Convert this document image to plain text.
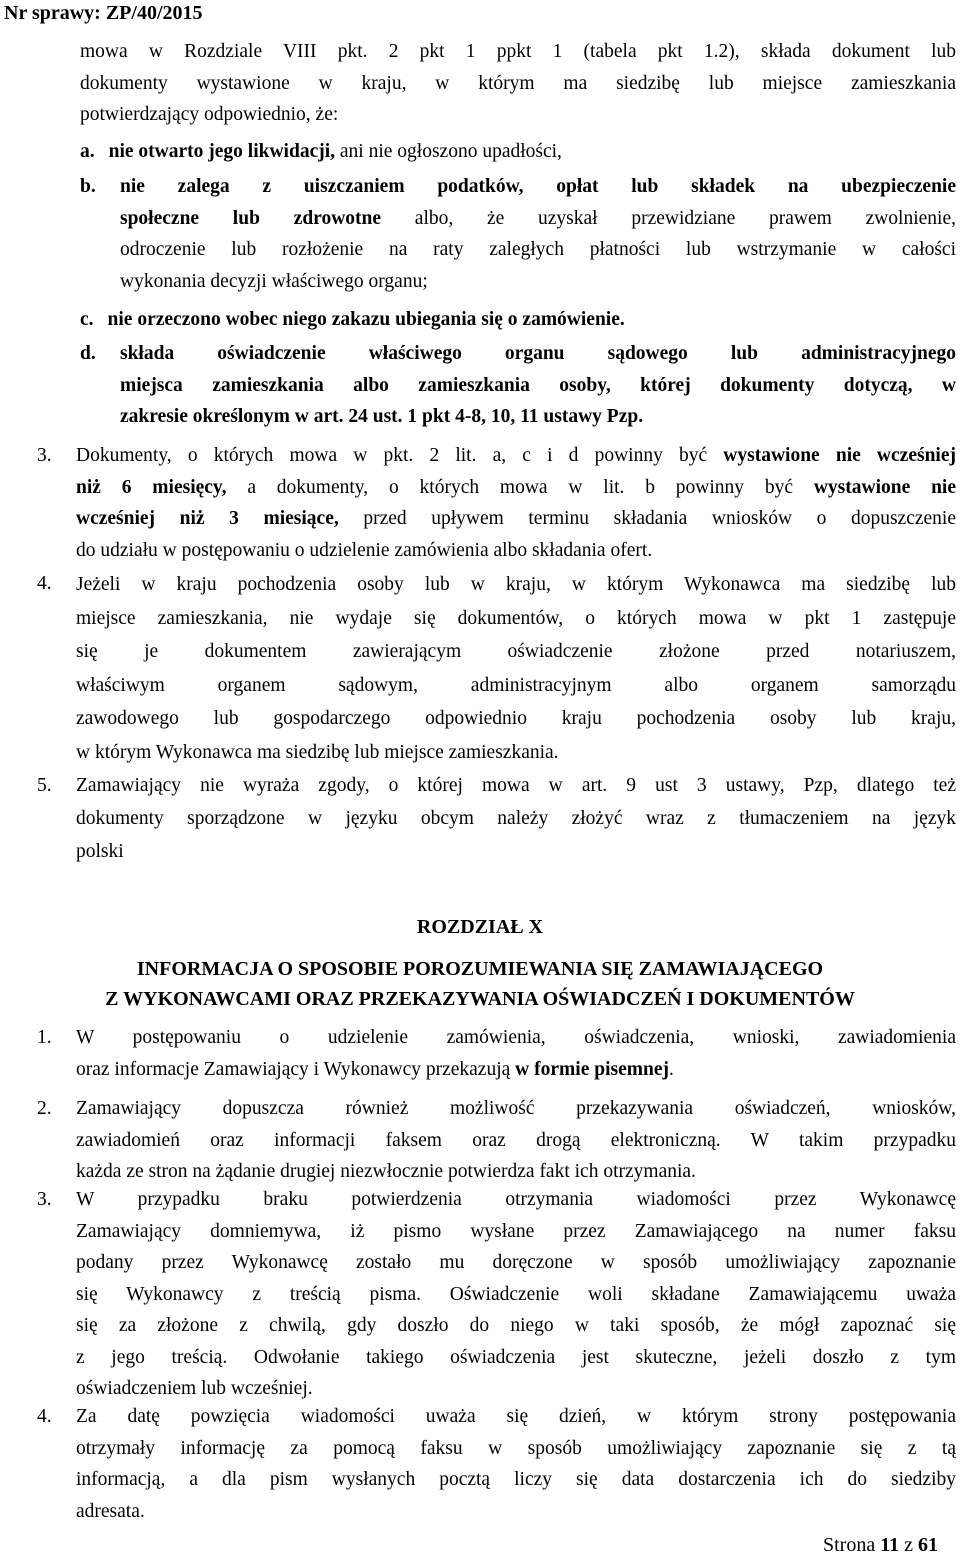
Nr sprawy: ZP/40/2015
mowa w Rozdziale VIII pkt. 2 pkt 1 ppkt 1 (tabela pkt 1.2), składa dokument lub
dokumenty wystawione w kraju, w którym ma siedzibę lub miejsce zamieszkania
potwierdzający odpowiednio, że:
a. nie otwarto jego likwidacji, ani nie ogłoszono upadłości,
b. nie zalega z uiszczaniem podatków, opłat lub składek na ubezpieczenie
społeczne lub zdrowotne albo, że uzyskał przewidziane prawem zwolnienie,
odroczenie lub rozłożenie na raty zaległych płatności lub wstrzymanie w całości
wykonania decyzji właściwego organu;
c. nie orzeczono wobec niego zakazu ubiegania się o zamówienie.
d. składa oświadczenie właściwego organu sądowego lub administracyjnego
miejsca zamieszkania albo zamieszkania osoby, której dokumenty dotyczą, w
zakresie określonym w art. 24 ust. 1 pkt 4-8, 10, 11 ustawy Pzp.
3. Dokumenty, o których mowa w pkt. 2 lit. a, c i d powinny być wystawione nie wcześniej
niż 6 miesięcy, a dokumenty, o których mowa w lit. b powinny być wystawione nie
wcześniej niż 3 miesiące, przed upływem terminu składania wniosków o dopuszczenie
do udziału w postępowaniu o udzielenie zamówienia albo składania ofert.
4. Jeżeli w kraju pochodzenia osoby lub w kraju, w którym Wykonawca ma siedzibę lub
miejsce zamieszkania, nie wydaje się dokumentów, o których mowa w pkt 1 zastępuje
się je dokumentem zawierającym oświadczenie złożone przed notariuszem,
właściwym organem sądowym, administracyjnym albo organem samorządu
zawodowego lub gospodarczego odpowiednio kraju pochodzenia osoby lub kraju,
w którym Wykonawca ma siedzibę lub miejsce zamieszkania.
5. Zamawiający nie wyraża zgody, o której mowa w art. 9 ust 3 ustawy, Pzp, dlatego też
dokumenty sporządzone w języku obcym należy złożyć wraz z tłumaczeniem na język
polski
ROZDZIAŁ X
INFORMACJA O SPOSOBIE POROZUMIEWANIA SIĘ ZAMAWIAJĄCEGO
Z WYKONAWCAMI ORAZ PRZEKAZYWANIA OŚWIADCZEŃ I DOKUMENTÓW
1. W postępowaniu o udzielenie zamówienia, oświadczenia, wnioski, zawiadomienia
oraz informacje Zamawiający i Wykonawcy przekazują w formie pisemnej.
2. Zamawiający dopuszcza również możliwość przekazywania oświadczeń, wniosków,
zawiadomień oraz informacji faksem oraz drogą elektroniczną. W takim przypadku
każda ze stron na żądanie drugiej niezwłocznie potwierdza fakt ich otrzymania.
3. W przypadku braku potwierdzenia otrzymania wiadomości przez Wykonawcę
Zamawiający domniemywa, iż pismo wysłane przez Zamawiającego na numer faksu
podany przez Wykonawcę zostało mu doręczone w sposób umożliwiający zapoznanie
się Wykonawcy z treścią pisma. Oświadczenie woli składane Zamawiającemu uważa
się za złożone z chwilą, gdy doszło do niego w taki sposób, że mógł zapoznać się
z jego treścią. Odwołanie takiego oświadczenia jest skuteczne, jeżeli doszło z tym
oświadczeniem lub wcześniej.
4. Za datę powzięcia wiadomości uważa się dzień, w którym strony postępowania
otrzymały informację za pomocą faksu w sposób umożliwiający zapoznanie się z tą
informacją, a dla pism wysłanych pocztą liczy się data dostarczenia ich do siedziby
adresata.
Strona 11 z 61
